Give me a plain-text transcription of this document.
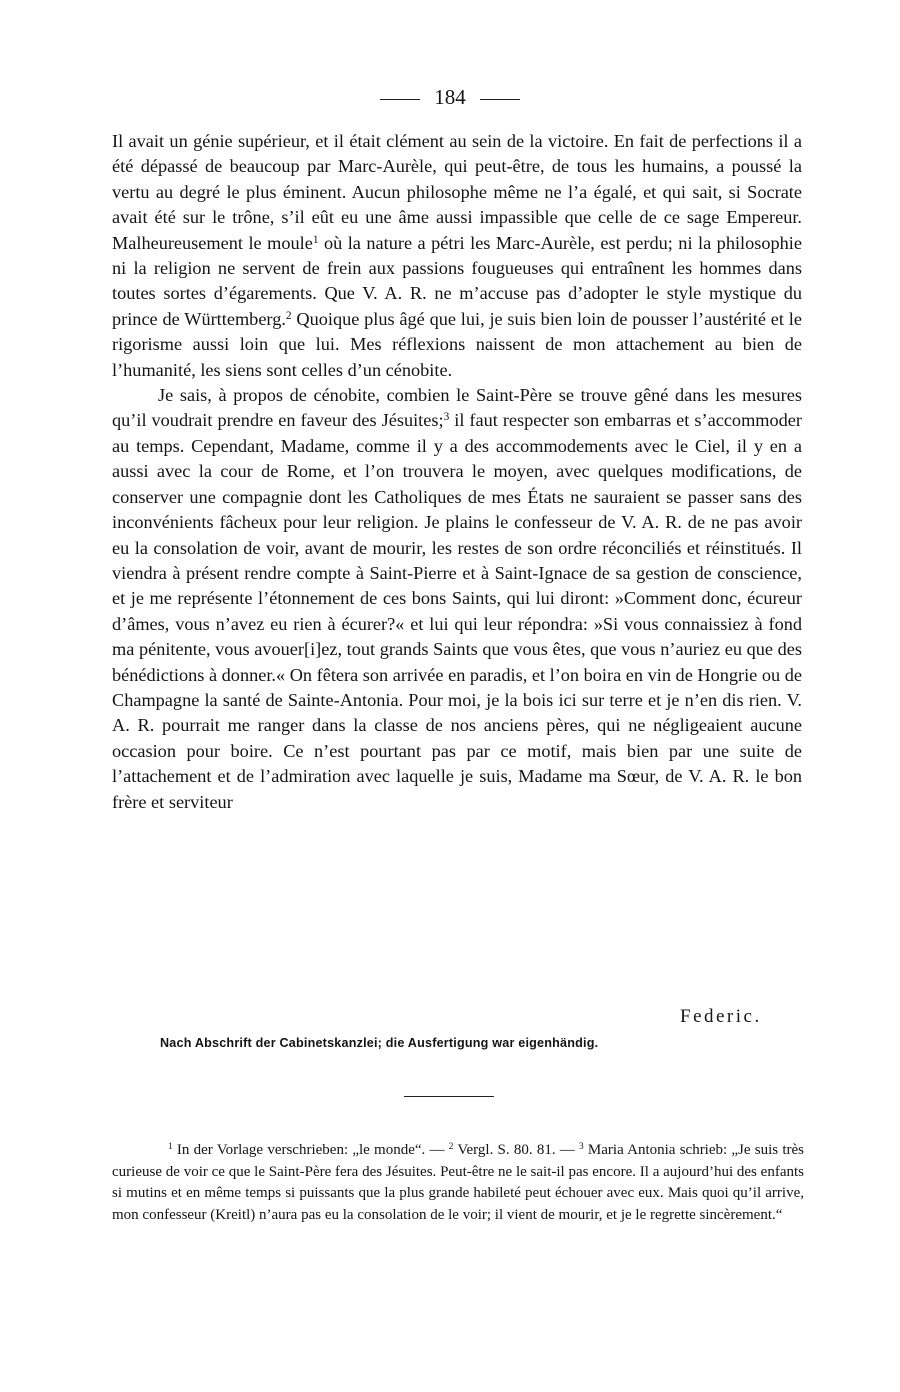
184

Il avait un génie supérieur, et il était clément au sein de la victoire. En fait de perfections il a été dépassé de beaucoup par Marc-Aurèle, qui peut-être, de tous les humains, a poussé la vertu au degré le plus éminent. Aucun philosophe même ne l’a égalé, et qui sait, si Socrate avait été sur le trône, s’il eût eu une âme aussi impassible que celle de ce sage Empereur. Malheureusement le moule$^1$ où la nature a pétri les Marc-Aurèle, est perdu; ni la philosophie ni la religion ne servent de frein aux passions fougueuses qui entraînent les hommes dans toutes sortes d’égarements. Que V. A. R. ne m’accuse pas d’adopter le style mystique du prince de Württemberg.$^2$ Quoique plus âgé que lui, je suis bien loin de pousser l’austérité et le rigorisme aussi loin que lui. Mes réflexions naissent de mon attachement au bien de l’humanité, les siens sont celles d’un cénobite.

Je sais, à propos de cénobite, combien le Saint-Père se trouve gêné dans les mesures qu’il voudrait prendre en faveur des Jésuites;$^3$ il faut respecter son embarras et s’accommoder au temps. Cependant, Madame, comme il y a des accommodements avec le Ciel, il y en a aussi avec la cour de Rome, et l’on trouvera le moyen, avec quelques modifications, de conserver une compagnie dont les Catholiques de mes États ne sauraient se passer sans des inconvénients fâcheux pour leur religion. Je plains le confesseur de V. A. R. de ne pas avoir eu la consolation de voir, avant de mourir, les restes de son ordre réconciliés et réinstitués. Il viendra à présent rendre compte à Saint-Pierre et à Saint-Ignace de sa gestion de conscience, et je me représente l’étonnement de ces bons Saints, qui lui diront: »Comment donc, écureur d’âmes, vous n’avez eu rien à écurer?« et lui qui leur répondra: »Si vous connaissiez à fond ma pénitente, vous avouer[i]ez, tout grands Saints que vous êtes, que vous n’auriez eu que des bénédictions à donner.« On fêtera son arrivée en paradis, et l’on boira en vin de Hongrie ou de Champagne la santé de Sainte-Antonia. Pour moi, je la bois ici sur terre et je n’en dis rien. V. A. R. pourrait me ranger dans la classe de nos anciens pères, qui ne négligeaient aucune occasion pour boire. Ce n’est pourtant pas par ce motif, mais bien par une suite de l’attachement et de l’admiration avec laquelle je suis, Madame ma Sœur, de V. A. R. le bon frère et serviteur

Federic.
Nach Abschrift der Cabinetskanzlei; die Ausfertigung war eigenhändig.

$^1$ In der Vorlage verschrieben: „le monde“. — $^2$ Vergl. S. 80. 81. — $^3$ Maria Antonia schrieb: „Je suis très curieuse de voir ce que le Saint-Père fera des Jésuites. Peut-être ne le sait-il pas encore. Il a aujourd’hui des enfants si mutins et en même temps si puissants que la plus grande habileté peut échouer avec eux. Mais quoi qu’il arrive, mon confesseur (Kreitl) n’aura pas eu la consolation de le voir; il vient de mourir, et je le regrette sincèrement.“
